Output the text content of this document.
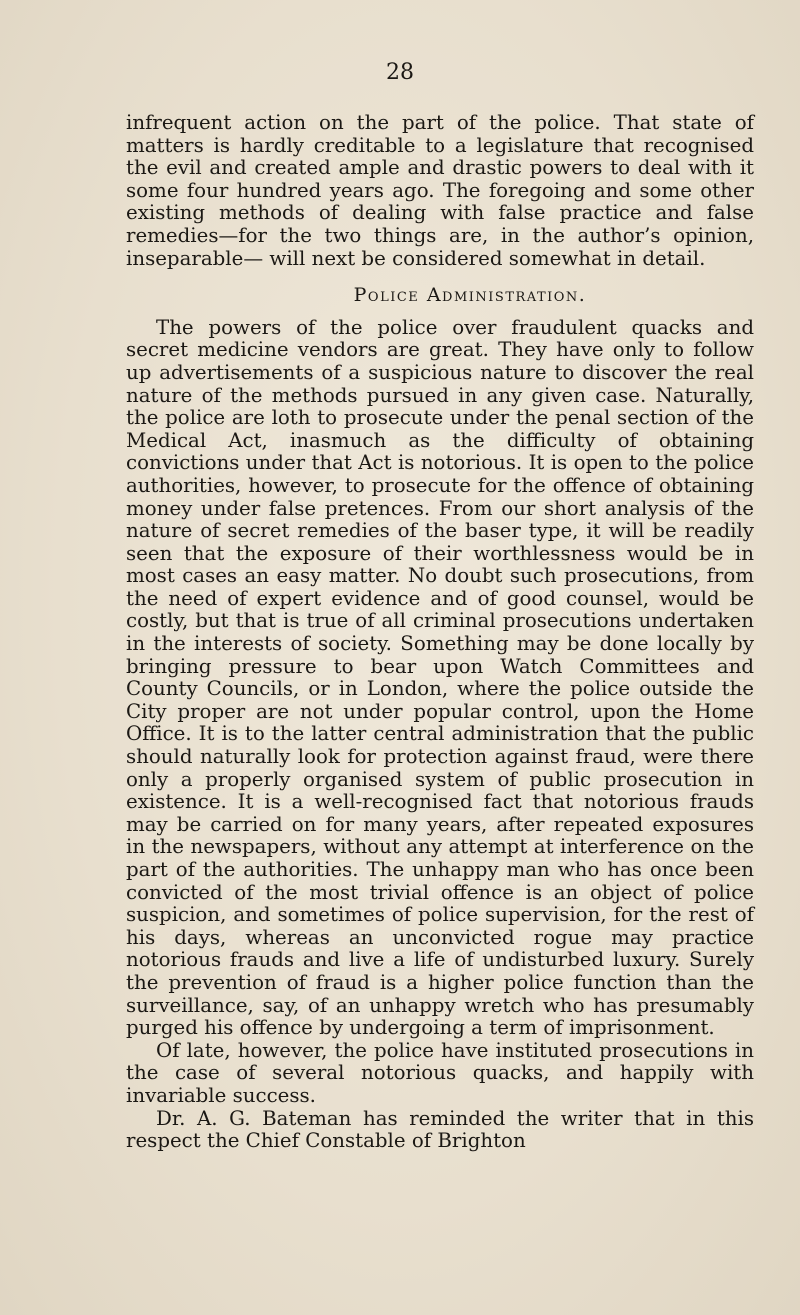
28

infrequent action on the part of the police. That state of matters is hardly creditable to a legislature that recognised the evil and created ample and drastic powers to deal with it some four hundred years ago. The foregoing and some other existing methods of dealing with false practice and false remedies—for the two things are, in the author’s opinion, inseparable— will next be considered somewhat in detail.

Police Administration.

The powers of the police over fraudulent quacks and secret medicine vendors are great. They have only to follow up advertisements of a suspicious nature to discover the real nature of the methods pursued in any given case. Naturally, the police are loth to prosecute under the penal section of the Medical Act, inasmuch as the difficulty of obtaining convictions under that Act is notorious. It is open to the police authorities, however, to prosecute for the offence of obtaining money under false pretences. From our short analysis of the nature of secret remedies of the baser type, it will be readily seen that the exposure of their worthlessness would be in most cases an easy matter. No doubt such prosecutions, from the need of expert evidence and of good counsel, would be costly, but that is true of all criminal prosecutions undertaken in the interests of society. Something may be done locally by bringing pressure to bear upon Watch Committees and County Councils, or in London, where the police outside the City proper are not under popular control, upon the Home Office. It is to the latter central administration that the public should naturally look for protection against fraud, were there only a properly organised system of public prosecution in existence. It is a well-recognised fact that notorious frauds may be carried on for many years, after repeated exposures in the newspapers, without any attempt at interference on the part of the authorities. The unhappy man who has once been convicted of the most trivial offence is an object of police suspicion, and sometimes of police supervision, for the rest of his days, whereas an unconvicted rogue may practice notorious frauds and live a life of undisturbed luxury. Surely the prevention of fraud is a higher police function than the surveillance, say, of an unhappy wretch who has presumably purged his offence by undergoing a term of imprisonment.

Of late, however, the police have instituted prosecutions in the case of several notorious quacks, and happily with invariable success.

Dr. A. G. Bateman has reminded the writer that in this respect the Chief Constable of Brighton
